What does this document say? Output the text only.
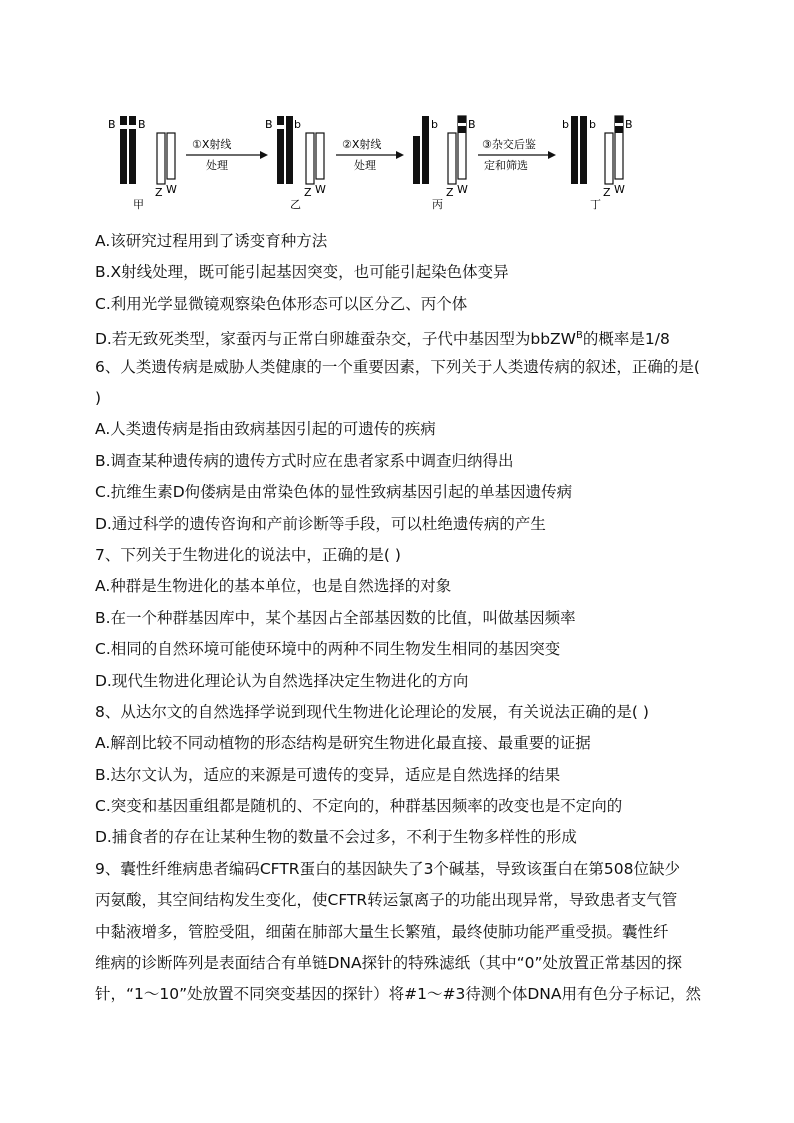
B B
Z W
甲
①X射线
处理
B b
Z W
乙
②X射线
处理
b	B
Z W
丙
③杂交后鉴
定和筛选
b b	B
Z W
丁
A.该研究过程用到了诱变育种方法
B.X射线处理，既可能引起基因突变，也可能引起染色体变异
C.利用光学显微镜观察染色体形态可以区分乙、丙个体
D.若无致死类型，家蚕丙与正常白卵雄蚕杂交，子代中基因型为bbZW$^B$的概率是1/8
6、人类遗传病是威胁人类健康的一个重要因素，下列关于人类遗传病的叙述，正确的是( )
A.人类遗传病是指由致病基因引起的可遗传的疾病
B.调查某种遗传病的遗传方式时应在患者家系中调查归纳得出
C.抗维生素D佝偻病是由常染色体的显性致病基因引起的单基因遗传病
D.通过科学的遗传咨询和产前诊断等手段，可以杜绝遗传病的产生
7、下列关于生物进化的说法中，正确的是( )
A.种群是生物进化的基本单位，也是自然选择的对象
B.在一个种群基因库中，某个基因占全部基因数的比值，叫做基因频率
C.相同的自然环境可能使环境中的两种不同生物发生相同的基因突变
D.现代生物进化理论认为自然选择决定生物进化的方向
8、从达尔文的自然选择学说到现代生物进化论理论的发展，有关说法正确的是( )
A.解剖比较不同动植物的形态结构是研究生物进化最直接、最重要的证据
B.达尔文认为，适应的来源是可遗传的变异，适应是自然选择的结果
C.突变和基因重组都是随机的、不定向的，种群基因频率的改变也是不定向的
D.捕食者的存在让某种生物的数量不会过多，不利于生物多样性的形成
9、囊性纤维病患者编码CFTR蛋白的基因缺失了3个碱基，导致该蛋白在第508位缺少
丙氨酸，其空间结构发生变化，使CFTR转运氯离子的功能出现异常，导致患者支气管
中黏液增多，管腔受阻，细菌在肺部大量生长繁殖，最终使肺功能严重受损。囊性纤
维病的诊断阵列是表面结合有单链DNA探针的特殊滤纸（其中“0”处放置正常基因的探
针，“1～10”处放置不同突变基因的探针）将#1～#3待测个体DNA用有色分子标记，然
